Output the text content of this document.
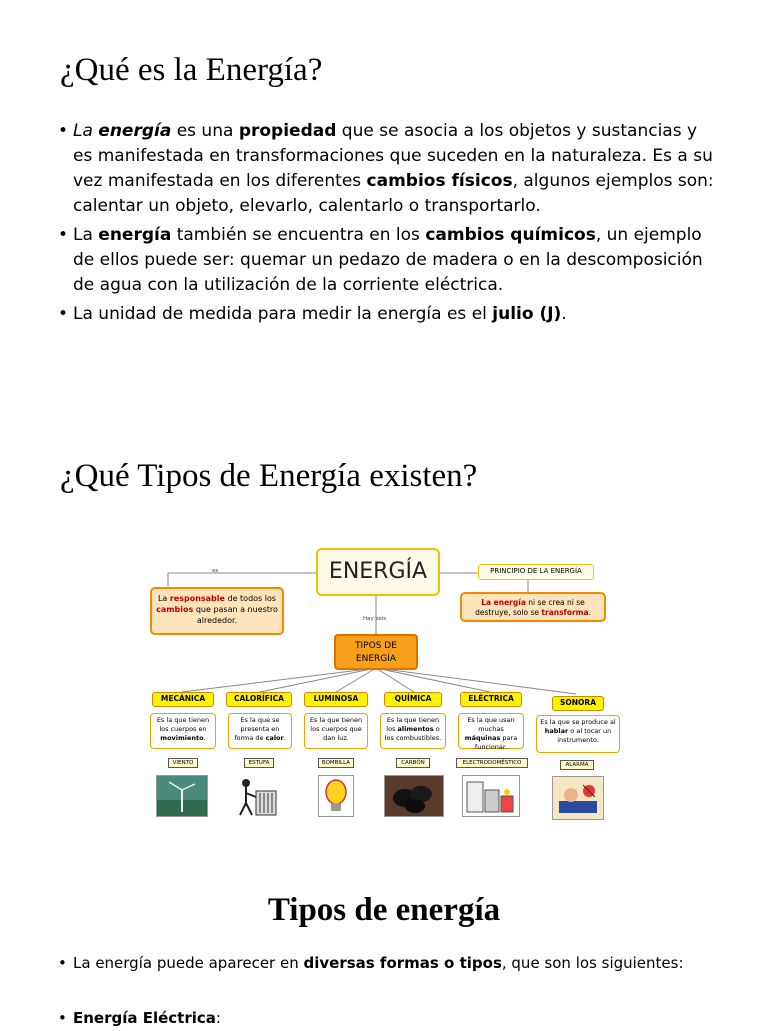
¿Qué es la Energía?
• La energía es una propiedad que se asocia a los objetos y sustancias y es manifestada en transformaciones que suceden en la naturaleza. Es a su vez manifestada en los diferentes cambios físicos, algunos ejemplos son: calentar un objeto, elevarlo, calentarlo o transportarlo.
• La energía también se encuentra en los cambios químicos, un ejemplo de ellos puede ser: quemar un pedazo de madera o en la descomposición de agua con la utilización de la corriente eléctrica.
• La unidad de medida para medir la energía es el julio (J).
¿Qué Tipos de Energía existen?
es
Hay seis
ENERGÍA	PRINCIPIO DE LA ENERGÍA
La responsable de todos los cambios que pasan a nuestro alrededor.
La energía ni se crea ni se destruye, solo se transforma.
TIPOS DE ENERGÍA
MECÁNICA
Es la que tienen los cuerpos en movimiento.
VIENTO
CALORÍFICA
Es la que se presenta en forma de calor.
ESTUFA
LUMINOSA
Es la que tienen los cuerpos que dan luz.
BOMBILLA
QUÍMICA
Es la que tienen los alimentos o los combustibles.
CARBÓN
ELÉCTRICA
Es la que usan muchas máquinas para funcionar.
ELECTRODOMÉSTICO
SONORA
Es la que se produce al hablar o al tocar un instrumento.
ALARMA
Tipos de energía
• La energía puede aparecer en diversas formas o tipos, que son los siguientes:
• Energía Eléctrica:
